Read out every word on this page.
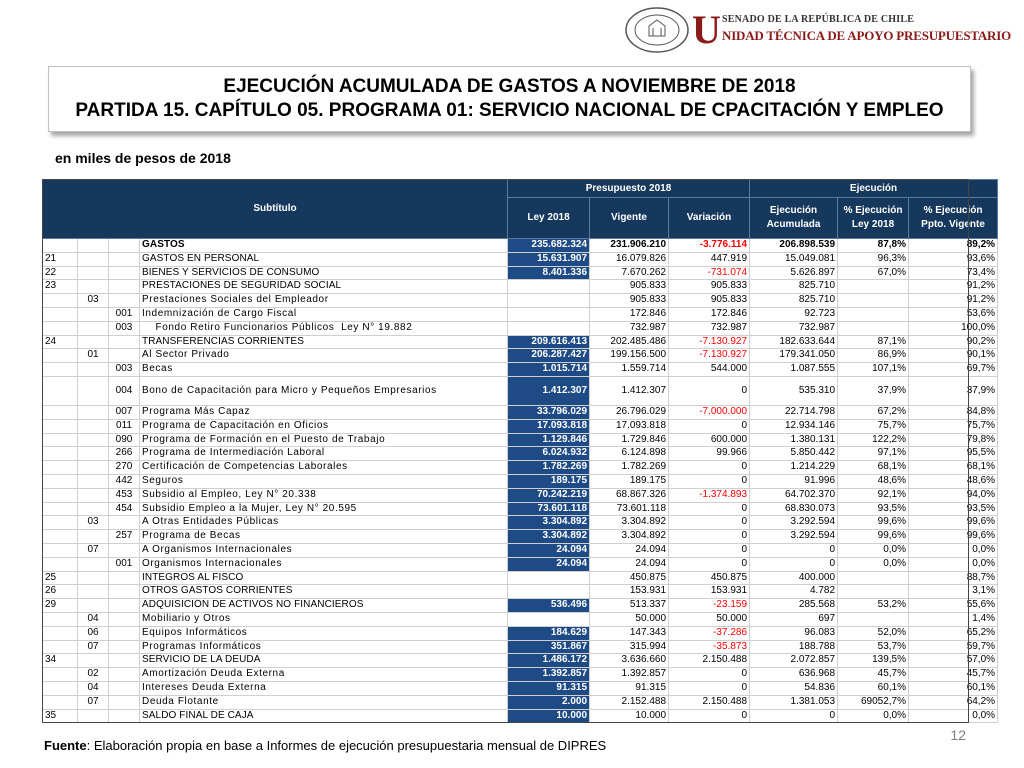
U SENADO DE LA REPÚBLICA DE CHILE
NIDAD TÉCNICA DE APOYO PRESUPUESTARIO
EJECUCIÓN ACUMULADA DE GASTOS A NOVIEMBRE DE 2018
PARTIDA 15. CAPÍTULO 05. PROGRAMA 01: SERVICIO NACIONAL DE CPACITACIÓN Y EMPLEO
en miles de pesos de 2018
Subtítulo				Presupuesto 2018			Ejecución		
				Ley 2018	Vigente	Variación	Ejecución Acumulada	% Ejecución Ley 2018	% Ejecución Ppto. Vigente
			GASTOS	235.682.324	231.906.210	-3.776.114	206.898.539	87,8%	89,2%
21			GASTOS EN PERSONAL	15.631.907	16.079.826	447.919	15.049.081	96,3%	93,6%
22			BIENES Y SERVICIOS DE CONSUMO	8.401.336	7.670.262	-731.074	5.626.897	67,0%	73,4%
23			PRESTACIONES DE SEGURIDAD SOCIAL		905.833	905.833	825.710		91,2%
	03		Prestaciones Sociales del Empleador		905.833	905.833	825.710		91,2%
		001	Indemnización de Cargo Fiscal		172.846	172.846	92.723		53,6%
		003	Fondo Retiro Funcionarios Públicos  Ley N° 19.882		732.987	732.987	732.987		100,0%
24			TRANSFERENCIAS CORRIENTES	209.616.413	202.485.486	-7.130.927	182.633.644	87,1%	90,2%
	01		Al Sector Privado	206.287.427	199.156.500	-7.130.927	179.341.050	86,9%	90,1%
		003	Becas	1.015.714	1.559.714	544.000	1.087.555	107,1%	69,7%
		004	Bono de Capacitación para Micro y Pequeños Empresarios	1.412.307	1.412.307	0	535.310	37,9%	37,9%
		007	Programa Más Capaz	33.796.029	26.796.029	-7.000.000	22.714.798	67,2%	84,8%
		011	Programa de Capacitación en Oficios	17.093.818	17.093.818	0	12.934.146	75,7%	75,7%
		090	Programa de Formación en el Puesto de Trabajo	1.129.846	1.729.846	600.000	1.380.131	122,2%	79,8%
		266	Programa de Intermediación Laboral	6.024.932	6.124.898	99.966	5.850.442	97,1%	95,5%
		270	Certificación de Competencias Laborales	1.782.269	1.782.269	0	1.214.229	68,1%	68,1%
		442	Seguros	189.175	189.175	0	91.996	48,6%	48,6%
		453	Subsidio al Empleo, Ley N° 20.338	70.242.219	68.867.326	-1.374.893	64.702.370	92,1%	94,0%
		454	Subsidio Empleo a la Mujer, Ley N° 20.595	73.601.118	73.601.118	0	68.830.073	93,5%	93,5%
	03		A Otras Entidades Públicas	3.304.892	3.304.892	0	3.292.594	99,6%	99,6%
		257	Programa de Becas	3.304.892	3.304.892	0	3.292.594	99,6%	99,6%
	07		A Organismos Internacionales	24.094	24.094	0	0	0,0%	0,0%
		001	Organismos Internacionales	24.094	24.094	0	0	0,0%	0,0%
25			INTEGROS AL FISCO		450.875	450.875	400.000		88,7%
26			OTROS GASTOS CORRIENTES		153.931	153.931	4.782		3,1%
29			ADQUISICIÓN DE ACTIVOS NO FINANCIEROS	536.496	513.337	-23.159	285.568	53,2%	55,6%
	04		Mobiliario y Otros		50.000	50.000	697		1,4%
	06		Equipos Informáticos	184.629	147.343	-37.286	96.083	52,0%	65,2%
	07		Programas Informáticos	351.867	315.994	-35.873	188.788	53,7%	59,7%
34			SERVICIO DE LA DEUDA	1.486.172	3.636.660	2.150.488	2.072.857	139,5%	57,0%
	02		Amortización Deuda Externa	1.392.857	1.392.857	0	636.968	45,7%	45,7%
	04		Intereses Deuda Externa	91.315	91.315	0	54.836	60,1%	60,1%
	07		Deuda Flotante	2.000	2.152.488	2.150.488	1.381.053	69052,7%	64,2%
35			SALDO FINAL DE CAJA	10.000	10.000	0	0	0,0%	0,0%
12
Fuente: Elaboración propia en base a Informes de ejecución presupuestaria mensual de DIPRES
